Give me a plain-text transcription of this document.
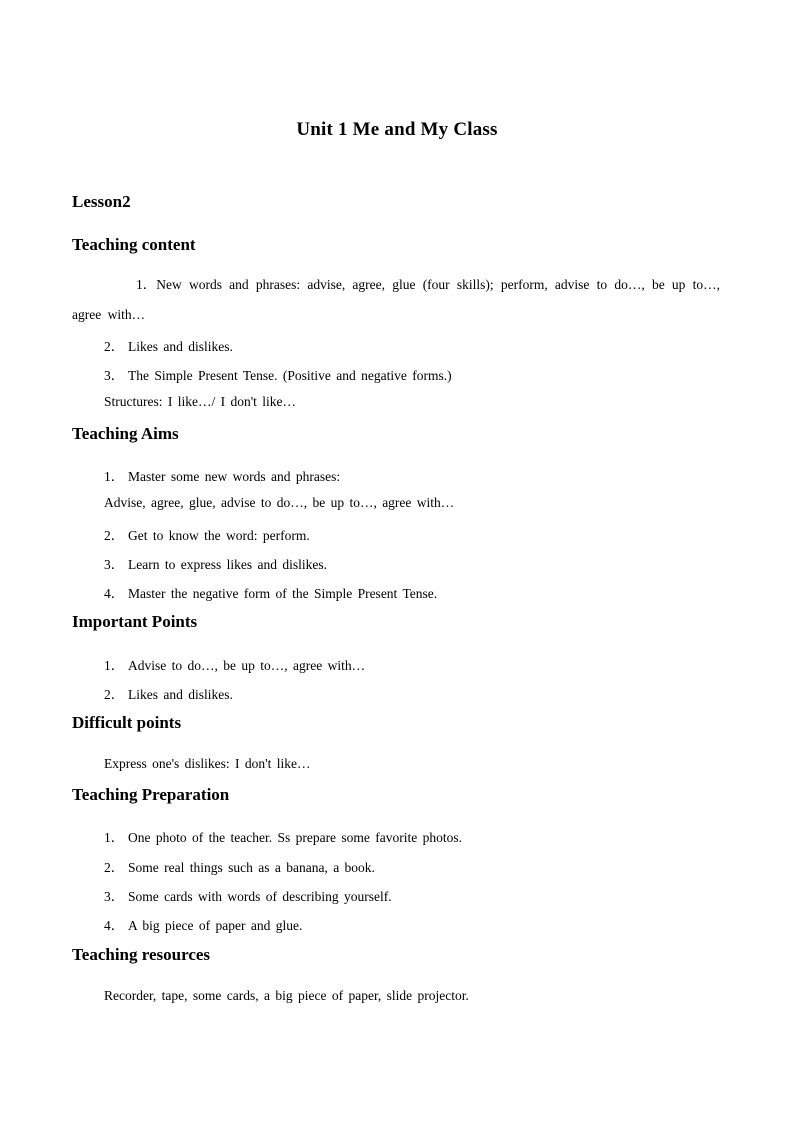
Unit 1 Me and My Class
Lesson2
Teaching content

1．New words and phrases: advise, agree, glue (four skills); perform, advise to do…, be up to…, agree with…

2． Likes and dislikes.

3． The Simple Present Tense. (Positive and negative forms.)

Structures: I like…/ I don't like…

Teaching Aims

1． Master some new words and phrases:

Advise, agree, glue, advise to do…, be up to…, agree with…

2． Get to know the word: perform.

3． Learn to express likes and dislikes.

4． Master the negative form of the Simple Present Tense.

Important Points

1． Advise to do…, be up to…, agree with…

2． Likes and dislikes.

Difficult points

Express one's dislikes: I don't like…

Teaching Preparation

1． One photo of the teacher. Ss prepare some favorite photos.

2． Some real things such as a banana, a book.

3． Some cards with words of describing yourself.

4． A big piece of paper and glue.

Teaching resources

Recorder, tape, some cards, a big piece of paper, slide projector.
